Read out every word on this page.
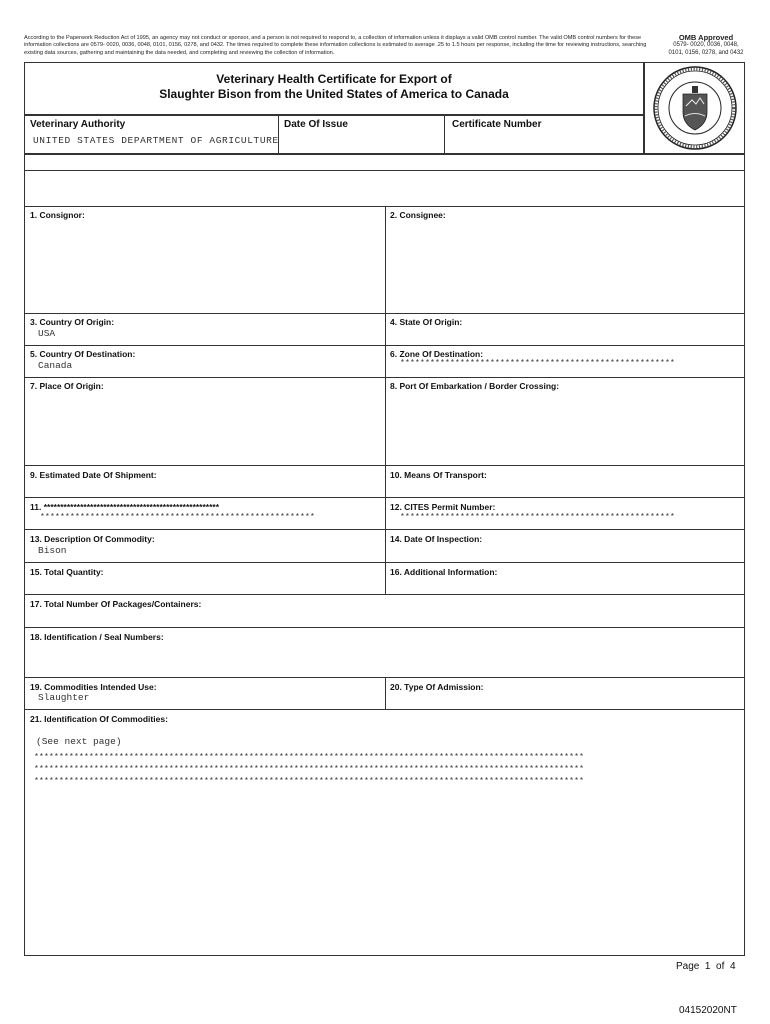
According to the Paperwork Reduction Act of 1995, an agency may not conduct or sponsor, and a person is not required to respond to, a collection of information unless it displays a valid OMB control number. The valid OMB control numbers for these information collections are 0579- 0020, 0036, 0048, 0101, 0156, 0278, and 0432. The times required to complete these information collections is estimated to average .25 to 1.5 hours per response, including the time for reviewing instructions, searching existing data sources, gathering and maintaining the data needed, and completing and reviewing the collection of information.
OMB Approved
0579- 0020, 0036, 0048,
0101, 0156, 0278, and 0432
Veterinary Health Certificate for Export of
Slaughter Bison from the United States of America to Canada
Veterinary Authority
UNITED STATES DEPARTMENT OF AGRICULTURE
Date Of Issue	Certificate Number
1. Consignor:	2. Consignee:
3. Country Of Origin:
USA
4. State Of Origin:
5. Country Of Destination:
Canada
6. Zone Of Destination:
*******************************************************
7. Place Of Origin:	8. Port Of Embarkation / Border Crossing:
9. Estimated Date Of Shipment:	10. Means Of Transport:
11. *****************************************************
*******************************************************
12. CITES Permit Number:
*******************************************************
13. Description Of Commodity:
Bison
14. Date Of Inspection:
15. Total Quantity:	16. Additional Information:
17. Total Number Of Packages/Containers:
18. Identification / Seal Numbers:
19. Commodities Intended Use:
Slaughter
20. Type Of Admission:
21. Identification Of Commodities:
(See next page)
**************************************************************************************************************
**************************************************************************************************************
**************************************************************************************************************
Page 1 of 4
04152020NT
